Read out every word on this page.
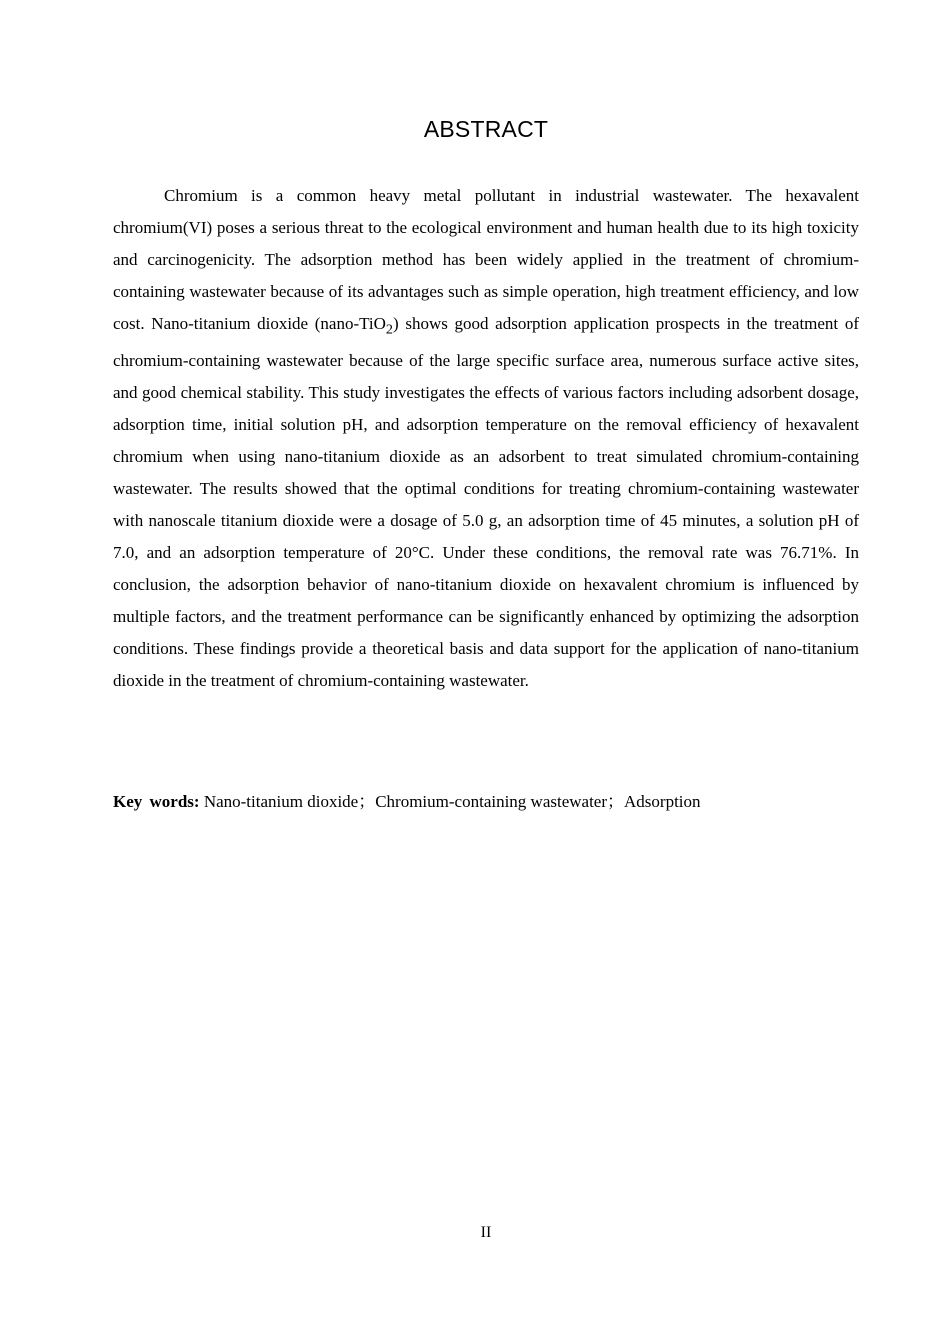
ABSTRACT

Chromium is a common heavy metal pollutant in industrial wastewater. The hexavalent chromium(VI) poses a serious threat to the ecological environment and human health due to its high toxicity and carcinogenicity. The adsorption method has been widely applied in the treatment of chromium-containing wastewater because of its advantages such as simple operation, high treatment efficiency, and low cost. Nano-titanium dioxide (nano-TiO$_2$) shows good adsorption application prospects in the treatment of chromium-containing wastewater because of the large specific surface area, numerous surface active sites, and good chemical stability. This study investigates the effects of various factors including adsorbent dosage, adsorption time, initial solution pH, and adsorption temperature on the removal efficiency of hexavalent chromium when using nano-titanium dioxide as an adsorbent to treat simulated chromium-containing wastewater. The results showed that the optimal conditions for treating chromium-containing wastewater with nanoscale titanium dioxide were a dosage of 5.0 g, an adsorption time of 45 minutes, a solution pH of 7.0, and an adsorption temperature of 20°C. Under these conditions, the removal rate was 76.71%. In conclusion, the adsorption behavior of nano-titanium dioxide on hexavalent chromium is influenced by multiple factors, and the treatment performance can be significantly enhanced by optimizing the adsorption conditions. These findings provide a theoretical basis and data support for the application of nano-titanium dioxide in the treatment of chromium-containing wastewater.

Key words: Nano-titanium dioxide；Chromium-containing wastewater；Adsorption

II
